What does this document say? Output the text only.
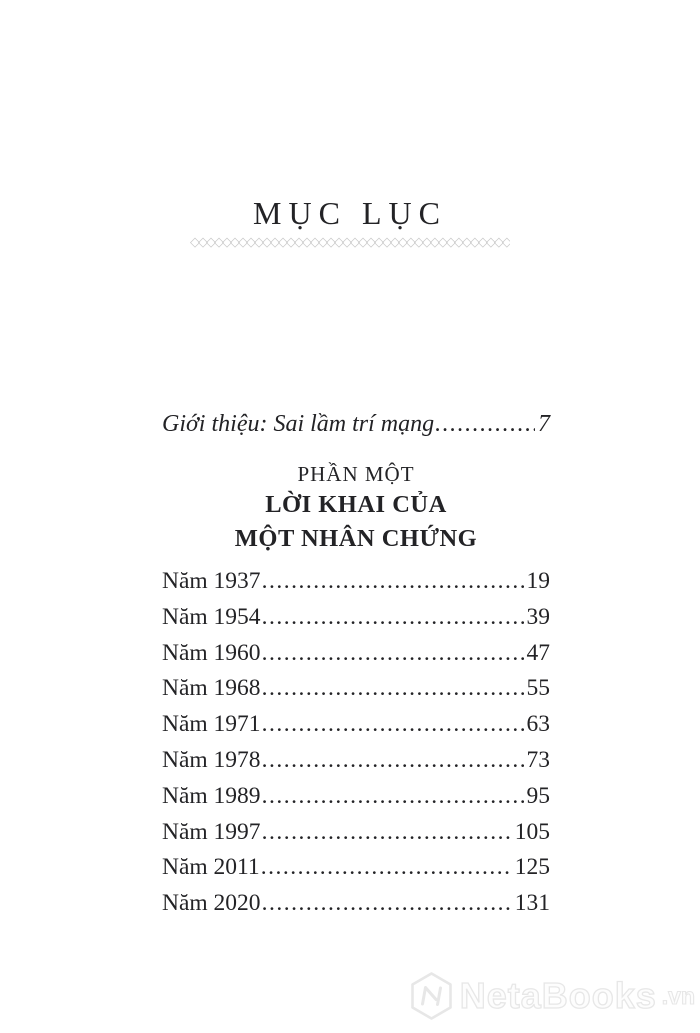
MỤC LỤC
◇◇◇◇◇◇◇◇◇◇◇◇◇◇◇◇◇◇◇◇◇◇◇◇◇◇◇◇◇◇◇◇◇◇◇◇◇◇◇◇◇◇◇◇◇◇◇◇◇◇
Giới thiệu: Sai lầm trí mạng .....	7
PHẦN MỘT
LỜI KHAI CỦA
MỘT NHÂN CHỨNG
Năm 1937 .....	19
Năm 1954 .....	39
Năm 1960 .....	47
Năm 1968 .....	55
Năm 1971 .....	63
Năm 1978 .....	73
Năm 1989 .....	95
Năm 1997 .....	105
Năm 2011 .....	125
Năm 2020 .....	131
NetaBooks .vn
